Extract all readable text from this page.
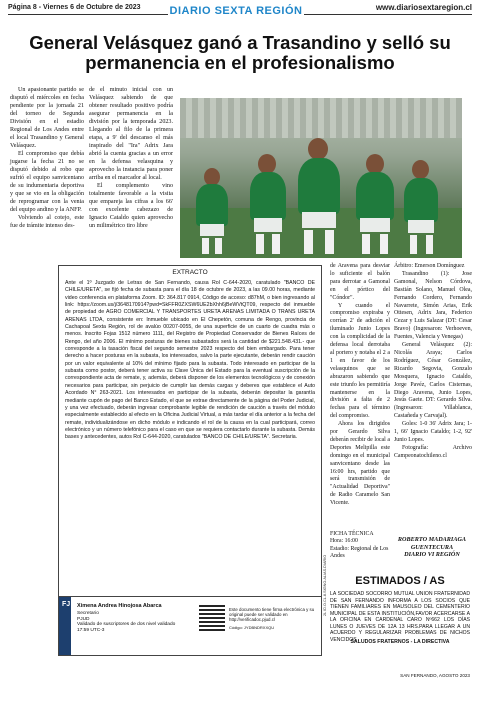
Página 8 - Viernes 6 de Octubre de 2023	DIARIO SEXTA REGIÓN	www.diariosextaregion.cl
General Velásquez ganó a Trasandino y selló su permanencia en el profesionalismo

Un apasionante partido se disputó el miércoles en fecha pendiente por la jornada 21 del torneo de Segunda División en el estadio Regional de Los Andes entre el local Trasandino y General Velásquez.

El compromiso que debía jugarse la fecha 21 no se disputó debido al robo que sufrió el equipo sanvicentano de su indumentaria deportiva y que se vio en la obligación de reprogramar con la venia del equipo andino y la ANFP.

Volviendo al cotejo, este fue de trámite intenso des-

de el minuto inicial con un Velásquez sabiendo de que obtener resultado positivo podría asegurar permanencia en la división por la temporada 2023. Llegando al filo de la primera etapa, a 9' del descanso el más inspirado del "Ira" Adrix Jara abrió la cuenta gracias a un error en la defensa velasquina y aprovecho la instancia para poner arriba en el marcador al local.

El complemento vino totalmente favorable a la visita que empareja las cifras a los 66' con excelente cabezazo de Ignacio Cataldo quien aprovecho un milimétrico tiro libre

EXTRACTO

Ante el 1º Juzgado de Letras de San Fernando, causa Rol C-644-2020, caratulado "BANCO DE CHILE/URETA", se fijó fecha de subasta para el día 18 de octubre de 2023, a las 09.00 horas, mediante video conferencia en plataforma Zoom. ID: 364.817 0914, Código de acceso: d87hM, o bien ingresando al link: https://zoom.us/j/3648170914?pwd=SkFFR0ZXSW6UE2bXhh6jBeWVtQT09, respecto del inmueble de propiedad de AGRO COMERCIAL Y TRANSPORTES URETA ARENAS LIMITADA O TRANS URETA ARENAS LTDA, consistente en: Inmueble ubicado en El Chepetón, comuna de Rengo, provincia de Cachapoal Sexta Región, rol de avalúo 00207-0055, de una superficie de un cuarto de cuadra más o menos. Inscrito Fojas 1512 número 1111, del Registro de Propiedad Conservador de Bienes Raíces de Rengo, del año 2006. El mínimo posturas de bienes subastados será la cantidad de $221.548.431.- que corresponde a la tasación fiscal del segundo semestre 2023 respecto del bien embargado. Para tener derecho a hacer posturas en la subasta, los interesados, salvo la parte ejecutante, deberán rendir caución por un valor equivalente al 10% del mínimo fijado para la subasta. Todo interesado en participar de la subasta como postor, deberá tener activa su Clave Única del Estado para la eventual suscripción de la correspondiente acta de remate, y, además, deberá disponer de los elementos tecnológicos y de conexión necesarios para participar, sin perjuicio de cumplir las demás cargas y deberes que establece el Auto Acordado N° 263-2021. Los interesados en participar de la subasta, deberán depositar la garantía mediante cupón de pago del Banco Estado, el que se extrae directamente de la página del Poder Judicial, y una vez efectuado, deberán ingresar comprobante legible de rendición de caución a través del módulo especialmente establecido al efecto en la Oficina Judicial Virtual, a más tardar el día anterior a la fecha del remate, individualizándose en dicho módulo e indicando el rol de la causa en la cual participará, correo electrónico y un número telefónico para el caso en que se requiera contactarlo durante la subasta. Demás bases y antecedentes, autos Rol C-644-2020, caratulados "BANCO DE CHILE/URETA". Secretaria.

FJ Ximena Andrea Hinojosa Abarca
Secretario
PJUD
Validado de suscriptores de dos nivel validado 17:59 UTC-3
Este documento tiene firma electrónica y su original puede ser validado en http://verificadoc.pjud.cl
Código: JYDBNDRXXQU
2L ID.O.CL.8.SIGNO.ALIAS.DIARIO

de Aravena para desviar lo suficiente el balón para derrotar a Gamonal en el pórtico del "Cóndor".

Y cuando el compromiso expiraba y corrían 2' de adición el iluminado Junio Lopes con la complicidad de la defensa local derrotaba al portero y notaba el 2 a 1 en favor de los velasquinos que se abrazaron sabiendo que este triunfo les permitiría mantenerse en la división a falta de 2 fechas para el término del compromiso.

Ahora los dirigidos por Gerardo Silva deberán recibir de local a Deportes Melipilla este domingo en el municipal sanvicentano desde las 16:00 hrs, partido que será transmisión de "Actualidad Deportiva" de Radio Caramelo San Vicente.

FICHA TÉCNICA
Hora: 16:00
Estadio: Regional de Los Andes

Árbitro: Emerson Domínguez

Trasandino (1): Jose Gamonal, Nelson Córdova, Bastián Solano, Manuel Olea, Fernando Cordero, Fernando Navarrete, Simón Arias, Erik Ottesen, Adrix Jara, Federico Cezar y Luis Salazar (DT: Cesar Bravo) (Ingresaron: Verhoeven, Fuentes, Valencia y Venegas)

General Velásquez (2): Nicolás Araya; Carlos Rodríguez, César González, Ricardo Segovia, Gonzalo Mosquera, Ignacio Cataldo, Jorge Pavéz, Carlos Cisternas, Diego Aravena, Junio Lopes, Jesús Gaete. DT: Gerardo Silva. (Ingresaron: Villablanca, Castañeda y Carvajal).

Goles: 1-0 36' Adrix Jara; 1-1, 66' Ignacio Cataldo; 1-2, 92' Junio Lopes.

Fotografía: Archivo Campeonatochileno.cl

ROBERTO MADARIAGA
GUENTECURA
DIARIO VI REGIÓN
ESTIMADOS / AS
LA SOCIEDAD SOCORRO MUTUAL UNION FRATERNIDAD DE SAN FERNANDO INFORMA A LOS SOCIOS QUE TIENEN FAMILIARES EN MAUSOLEO DEL CEMENTERIO MUNICIPAL DE ESTA INSTITUCIÓN,FAVOR ACERCARSE A LA OFICINA EN CARDENAL CARO Nº662 LOS DÍAS LUNES O JUEVES DE 12A 13 HRS.PARA LLEGAR A UN ACUERDO Y REGULARIZAR PROBLEMAS DE NICHOS VENCIDOS .
SALUDOS FRATERNOS - LA DIRECTIVA
SAN FERNANDO, AGOSTO 2023
